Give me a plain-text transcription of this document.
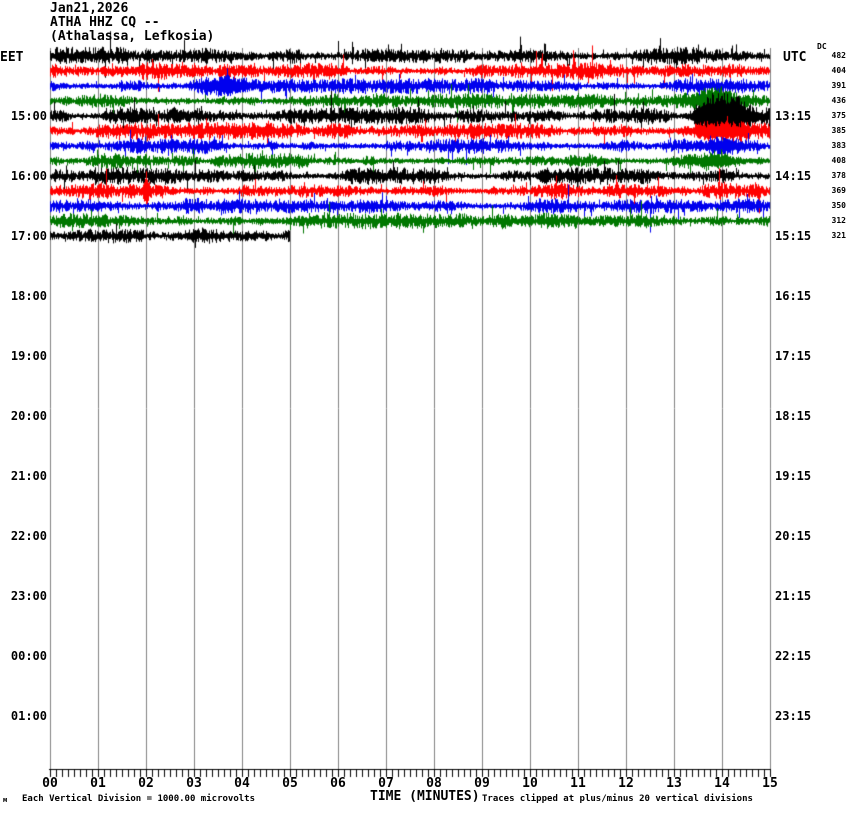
Jan21,2026
ATHA HHZ CQ --
(Athalassa, Lefkosia)
EET	UTC
DC
15:00
16:00
17:00
18:00
19:00
20:00
21:00
22:00
23:00
00:00
01:00
13:15
14:15
15:15
16:15
17:15
18:15
19:15
20:15
21:15
22:15
23:15
482
404
391
436
375
385
383
408
378
369
350
312
321
00	01	02	03	04	05	06	07	08	09	10	11	12	13	14	15
м Each Vertical Division = 1000.00 microvolts	TIME (MINUTES) Traces clipped at plus/minus 20 vertical divisions
